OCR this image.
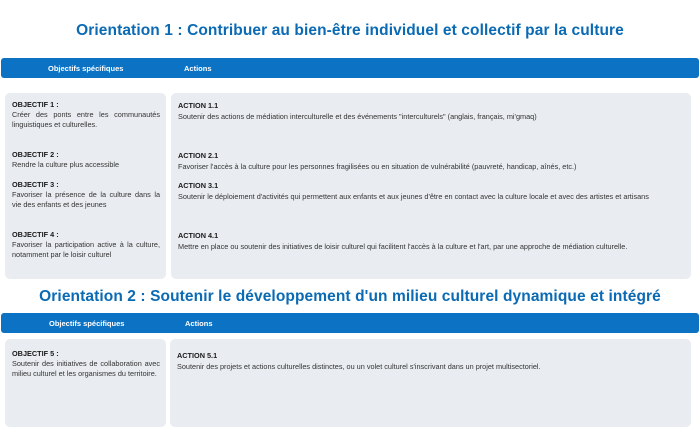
Orientation 1 : Contribuer au bien-être individuel et collectif par la culture
Objectifs spécifiques	Actions
OBJECTIF 1 :
Créer des ponts entre les communautés linguistiques et culturelles.
OBJECTIF 2 :
Rendre la culture plus accessible
OBJECTIF 3 :
Favoriser la présence de la culture dans la vie des enfants et des jeunes
OBJECTIF 4 :
Favoriser la participation active à la culture, notamment par le loisir culturel
ACTION 1.1
Soutenir des actions de médiation interculturelle et des événements "interculturels" (anglais, français, mi'gmaq)
ACTION 2.1
Favoriser l'accès à la culture pour les personnes fragilisées ou en situation de vulnérabilité (pauvreté, handicap, aînés, etc.)
ACTION 3.1
Soutenir le déploiement d'activités qui permettent aux enfants et aux jeunes d'être en contact avec la culture locale et avec des artistes et artisans
ACTION 4.1
Mettre en place ou soutenir des initiatives de loisir culturel qui facilitent l'accès à la culture et l'art, par une approche de médiation culturelle.
Orientation 2 : Soutenir le développement d'un milieu culturel dynamique et intégré
Objectifs spécifiques	Actions
OBJECTIF 5 :
Soutenir des initiatives de collaboration avec milieu culturel et les organismes du territoire.
ACTION 5.1
Soutenir des projets et actions culturelles distinctes, ou un volet culturel s'inscrivant dans un projet multisectoriel.
